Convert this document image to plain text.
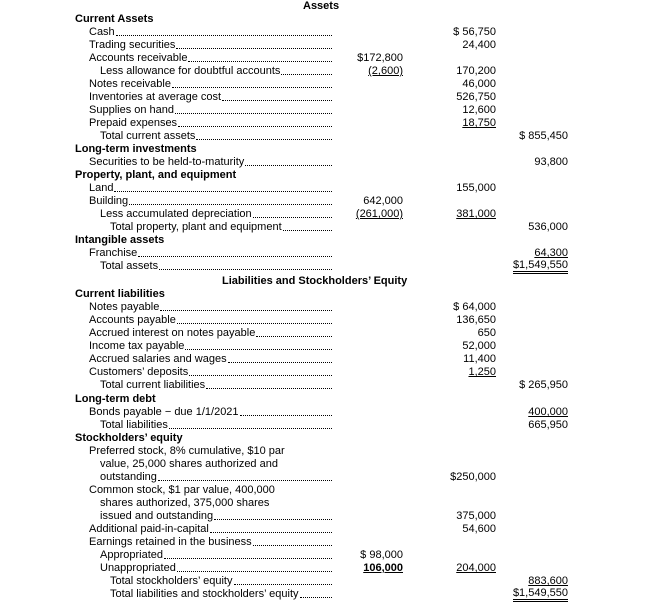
Assets
Current Assets
Cash	$ 56,750
Trading securities	24,400
Accounts receivable	$172,800
Less allowance for doubtful accounts	(2,600)	170,200
Notes receivable	46,000
Inventories at average cost	526,750
Supplies on hand	12,600
Prepaid expenses	18,750
Total current assets	$ 855,450
Long-term investments
Securities to be held-to-maturity	93,800
Property, plant, and equipment
Land	155,000
Building	642,000
Less accumulated depreciation	(261,000)	381,000
Total property, plant and equipment	536,000
Intangible assets
Franchise	64,300
Total assets	$1,549,550
Liabilities and Stockholders’ Equity
Current liabilities
Notes payable	$ 64,000
Accounts payable	136,650
Accrued interest on notes payable	650
Income tax payable	52,000
Accrued salaries and wages	11,400
Customers’ deposits	1,250
Total current liabilities	$ 265,950
Long-term debt
Bonds payable − due 1/1/2021	400,000
Total liabilities	665,950
Stockholders’ equity
Preferred stock, 8% cumulative, $10 par
value, 25,000 shares authorized and
outstanding	$250,000
Common stock, $1 par value, 400,000
shares authorized, 375,000 shares
issued and outstanding	375,000
Additional paid-in-capital	54,600
Earnings retained in the business
Appropriated	$ 98,000
Unappropriated	106,000	204,000
Total stockholders’ equity	883,600
Total liabilities and stockholders’ equity	$1,549,550
